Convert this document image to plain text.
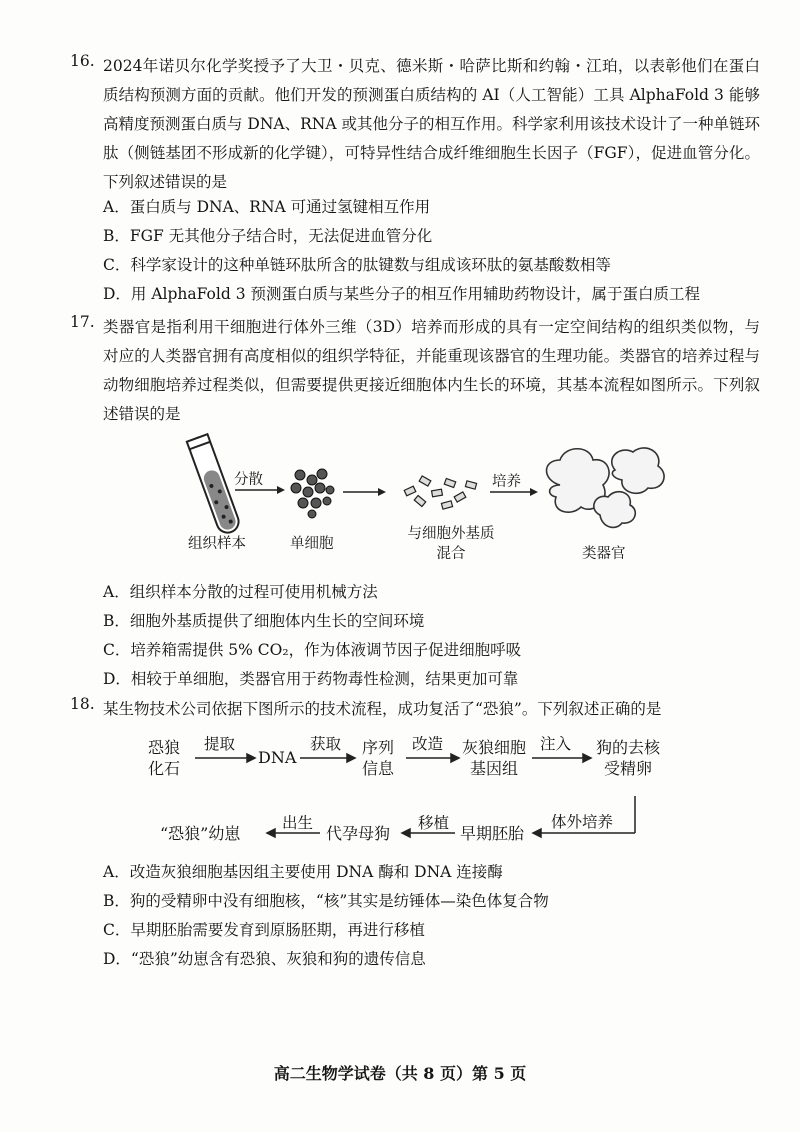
16. 2024年诺贝尔化学奖授予了大卫・贝克、德米斯・哈萨比斯和约翰・江珀，以表彰他们在蛋白质结构预测方面的贡献。他们开发的预测蛋白质结构的 AI（人工智能）工具 AlphaFold 3 能够高精度预测蛋白质与 DNA、RNA 或其他分子的相互作用。科学家利用该技术设计了一种单链环肽（侧链基团不形成新的化学键），可特异性结合成纤维细胞生长因子（FGF），促进血管分化。下列叙述错误的是
A．蛋白质与 DNA、RNA 可通过氢键相互作用
B．FGF 无其他分子结合时，无法促进血管分化
C．科学家设计的这种单链环肽所含的肽键数与组成该环肽的氨基酸数相等
D．用 AlphaFold 3 预测蛋白质与某些分子的相互作用辅助药物设计，属于蛋白质工程
17. 类器官是指利用干细胞进行体外三维（3D）培养而形成的具有一定空间结构的组织类似物，与对应的人类器官拥有高度相似的组织学特征，并能重现该器官的生理功能。类器官的培养过程与动物细胞培养过程类似，但需要提供更接近细胞体内生长的环境，其基本流程如图所示。下列叙述错误的是
分散	培养
组织样本	单细胞
与细胞外基质
混合	类器官
A．组织样本分散的过程可使用机械方法
B．细胞外基质提供了细胞体内生长的空间环境
C．培养箱需提供 5% CO₂，作为体液调节因子促进细胞呼吸
D．相较于单细胞，类器官用于药物毒性检测，结果更加可靠
18. 某生物技术公司依据下图所示的技术流程，成功复活了“恐狼”。下列叙述正确的是
恐狼
化石
提取
DNA
获取 序列
信息
改造 灰狼细胞
基因组
注入 狗的去核
受精卵
体外培养
早期胚胎
移植
代孕母狗
出生
“恐狼”幼崽
A．改造灰狼细胞基因组主要使用 DNA 酶和 DNA 连接酶
B．狗的受精卵中没有细胞核，“核”其实是纺锤体—染色体复合物
C．早期胚胎需要发育到原肠胚期，再进行移植
D．“恐狼”幼崽含有恐狼、灰狼和狗的遗传信息
高二生物学试卷（共 8 页）第 5 页
